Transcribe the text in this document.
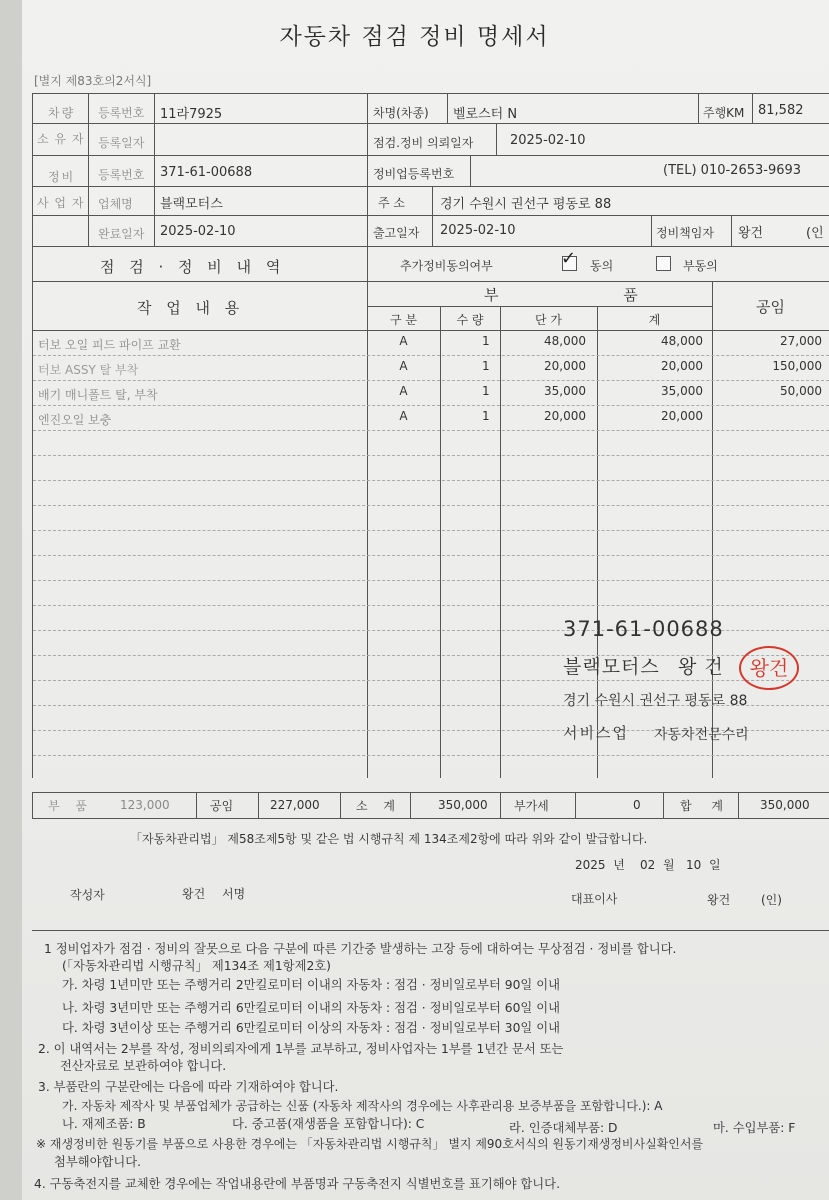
자동차 점검 정비 명세서
[별지 제83호의2서식]
차량
소 유 자
등록번호 11라7925	차명(차종) 벨로스터 N	주행KM 81,582
등록일자	점검.정비 의뢰일자	2025-02-10
정비
사 업 자
등록번호 371-61-00688	정비업등록번호	(TEL) 010-2653-9693
업체명 블랙모터스	주 소	경기 수원시 권선구 평동로 88
완료일자 2025-02-10	출고일자 2025-02-10	정비책임자 왕건	(인
점 검 · 정 비 내 역	추가정비동의여부	✓ 동의	부동의
작 업 내 용
부 품
공임
구 분	수 량	단 가	계
터보 오일 피드 파이프 교환	A	1	48,000	48,000	27,000
터보 ASSY 탈 부착	A	1	20,000	20,000	150,000
배기 매니폴트 탈, 부착	A	1	35,000	35,000	50,000
엔진오일 보충	A	1	20,000	20,000
371-61-00688
블랙모터스 왕 건	왕건
경기 수원시 권선구 평동로 88
서비스업 자동차전문수리
부 품 123,000	공임	227,000	소 계	350,000 부가세	0	합 계 350,000
「자동차관리법」 제58조제5항 및 같은 법 시행규칙 제 134조제2항에 따라 위와 같이 발급합니다.
2025 년 02 월 10 일
작성자	왕건 서명	대표이사	왕건	(인)
1 정비업자가 점검 · 정비의 잘못으로 다음 구분에 따른 기간중 발생하는 고장 등에 대하여는 무상점검 · 정비를 합니다.
(「자동차관리법 시행규칙」 제134조 제1항제2호)
가. 차령 1년미만 또는 주행거리 2만킬로미터 이내의 자동차 : 점검 · 정비일로부터 90일 이내
나. 차령 3년미만 또는 주행거리 6만킬로미터 이내의 자동차 : 점검 · 정비일로부터 60일 이내
다. 차령 3년이상 또는 주행거리 6만킬로미터 이상의 자동차 : 점검 · 정비일로부터 30일 이내
2. 이 내역서는 2부를 작성, 정비의뢰자에게 1부를 교부하고, 정비사업자는 1부를 1년간 문서 또는
전산자료로 보관하여야 합니다.
3. 부품란의 구분란에는 다음에 따라 기재하여야 합니다.
가. 자동차 제작사 및 부품업체가 공급하는 신품 (자동차 제작사의 경우에는 사후관리용 보증부품을 포함합니다.): A
나. 재제조품: B	다. 중고품(재생품을 포함합니다): C	라. 인증대체부품: D	마. 수입부품: F
※ 재생정비한 원동기를 부품으로 사용한 경우에는 「자동차관리법 시행규칙」 별지 제90호서식의 원동기재생정비사실확인서를
첨부해야합니다.
4. 구동축전지를 교체한 경우에는 작업내용란에 부품명과 구동축전지 식별번호를 표기해야 합니다.
